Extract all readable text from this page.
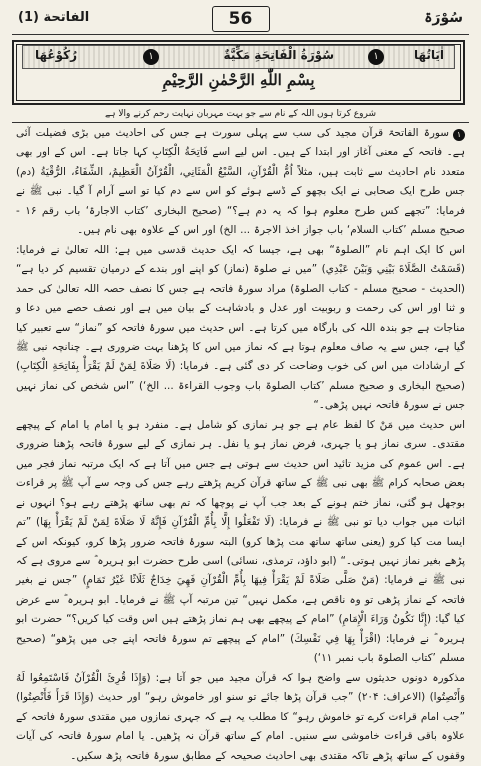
سُوْرَۃ
56
الفاتحة (1)
اٰيَاتُهَا
۱
سُوْرَةُ الْفَاتِحَةِ مَكِّيَّةٌ
۱
رُكُوْعُهَا
بِسْمِ اللّٰهِ الرَّحْمٰنِ الرَّحِيْمِ
شروع کرتا ہوں اللہ کے نام سے جو بہت مہربان نہایت رحم کرنے والا ہے

۱سورۃ الفاتحۃ قرآن مجید کی سب سے پہلی سورت ہے جس کی احادیث میں بڑی فضیلت آئی ہے۔ فاتحہ کے معنی آغاز اور ابتدا کے ہیں۔ اس لیے اسے فَاتِحَةُ الْكِتَابِ کہا جاتا ہے۔ اس کے اور بھی متعدد نام احادیث سے ثابت ہیں، مثلاً اُمُّ الْقُرْآنِ، السَّبْعُ الْمَثَانِي، الْقُرْآنُ الْعَظِيمُ، الشِّفَاءُ، الرُّقْيَةُ (دم) جس طرح ایک صحابی نے ایک بچھو کے ڈسے ہوئے کو اس سے دم کیا تو اسے آرام آ گیا۔ نبی ﷺ نے فرمایا: ”تجھے کس طرح معلوم ہوا کہ یہ دم ہے؟“ (صحیح البخاری ’کتاب الاجارۃ‘ باب رقم ۱۶ - صحیح مسلم ’کتاب السلام‘ باب جواز اخذ الاجرۃ ... الخ) اور اس کے علاوہ بھی نام ہیں۔

اس کا ایک اہم نام ”الصلوۃ“ بھی ہے، جیسا کہ ایک حدیث قدسی میں ہے: اللہ تعالیٰ نے فرمایا: (قَسَمْتُ الصَّلَاةَ بَيْنِي وَبَيْنَ عَبْدِي) ”میں نے صلوۃ (نماز) کو اپنے اور بندے کے درمیان تقسیم کر دیا ہے“ (الحدیث - صحیح مسلم - کتاب الصلوۃ) مراد سورۂ فاتحہ ہے جس کا نصف حصہ اللہ تعالیٰ کی حمد و ثنا اور اس کی رحمت و ربوبیت اور عدل و بادشاہت کے بیان میں ہے اور نصف حصے میں دعا و مناجات ہے جو بندہ اللہ کی بارگاہ میں کرتا ہے۔ اس حدیث میں سورۂ فاتحہ کو ”نماز“ سے تعبیر کیا گیا ہے، جس سے یہ صاف معلوم ہوتا ہے کہ نماز میں اس کا پڑھنا بہت ضروری ہے۔ چنانچہ نبی ﷺ کے ارشادات میں اس کی خوب وضاحت کر دی گئی ہے۔ فرمایا: (لَا صَلَاةَ لِمَنْ لَمْ يَقْرَأْ بِفَاتِحَةِ الْكِتَابِ) (صحیح البخاری و صحیح مسلم ’کتاب الصلوۃ باب وجوب القراءۃ ... الخ‘) ”اس شخص کی نماز نہیں جس نے سورۂ فاتحہ نہیں پڑھی۔“

اس حدیث میں مَنْ کا لفظ عام ہے جو ہر نمازی کو شامل ہے۔ منفرد ہو یا امام یا امام کے پیچھے مقتدی۔ سری نماز ہو یا جہری، فرض نماز ہو یا نفل۔ ہر نمازی کے لیے سورۂ فاتحہ پڑھنا ضروری ہے۔ اس عموم کی مزید تائید اس حدیث سے ہوتی ہے جس میں آتا ہے کہ ایک مرتبہ نماز فجر میں بعض صحابہ کرام ﷺ بھی نبی ﷺ کے ساتھ قرآن کریم پڑھتے رہے جس کی وجہ سے آپ ﷺ پر قراءت بوجھل ہو گئی، نماز ختم ہونے کے بعد جب آپ نے پوچھا کہ تم بھی ساتھ پڑھتے رہے ہو؟ انہوں نے اثبات میں جواب دیا تو نبی ﷺ نے فرمایا: (لَا تَفْعَلُوا إِلَّا بِأُمِّ الْقُرْآنِ فَإِنَّهُ لَا صَلَاةَ لِمَنْ لَمْ يَقْرَأْ بِهَا) ”تم ایسا مت کیا کرو (یعنی ساتھ ساتھ مت پڑھا کرو) البتہ سورۂ فاتحہ ضرور پڑھا کرو، کیونکہ اس کے پڑھے بغیر نماز نہیں ہوتی۔“ (ابو داؤد، ترمذی، نسائی) اسی طرح حضرت ابو ہریرہ ؓ سے مروی ہے کہ نبی ﷺ نے فرمایا: (مَنْ صَلَّى صَلَاةً لَمْ يَقْرَأْ فِيهَا بِأُمِّ الْقُرْآنِ فَهِيَ خِدَاجٌ ثَلَاثًا غَيْرُ تَمَامٍ) ”جس نے بغیر فاتحہ کے نماز پڑھی تو وہ ناقص ہے، مکمل نہیں“ تین مرتبہ آپ ﷺ نے فرمایا۔ ابو ہریرہ ؓ سے عرض کیا گیا: (إِنَّا نَكُونُ وَرَاءَ الْإِمَامِ) ”امام کے پیچھے بھی ہم نماز پڑھتے ہیں اس وقت کیا کریں؟“ حضرت ابو ہریرہ ؓ نے فرمایا: (اقْرَأْ بِهَا فِي نَفْسِكَ) ”امام کے پیچھے تم سورۂ فاتحہ اپنے جی میں پڑھو“ (صحیح مسلم ’کتاب الصلوۃ باب نمبر ۱۱‘)

مذکورہ دونوں حدیثوں سے واضح ہوا کہ قرآن مجید میں جو آتا ہے: (وَإِذَا قُرِئَ الْقُرْآنُ فَاسْتَمِعُوا لَهُ وَأَنْصِتُوا) (الاعراف: ۲۰۴) ”جب قرآن پڑھا جائے تو سنو اور خاموش رہو“ اور حدیث (وَإِذَا قَرَأَ فَأَنْصِتُوا) ”جب امام قراءت کرے تو خاموش رہو“ کا مطلب یہ ہے کہ جہری نمازوں میں مقتدی سورۂ فاتحہ کے علاوہ باقی قراءت خاموشی سے سنیں۔ امام کے ساتھ قرآن نہ پڑھیں۔ یا امام سورۂ فاتحہ کی آیات وقفوں کے ساتھ پڑھے تاکہ مقتدی بھی احادیث صحیحہ کے مطابق سورۂ فاتحہ پڑھ سکیں۔
